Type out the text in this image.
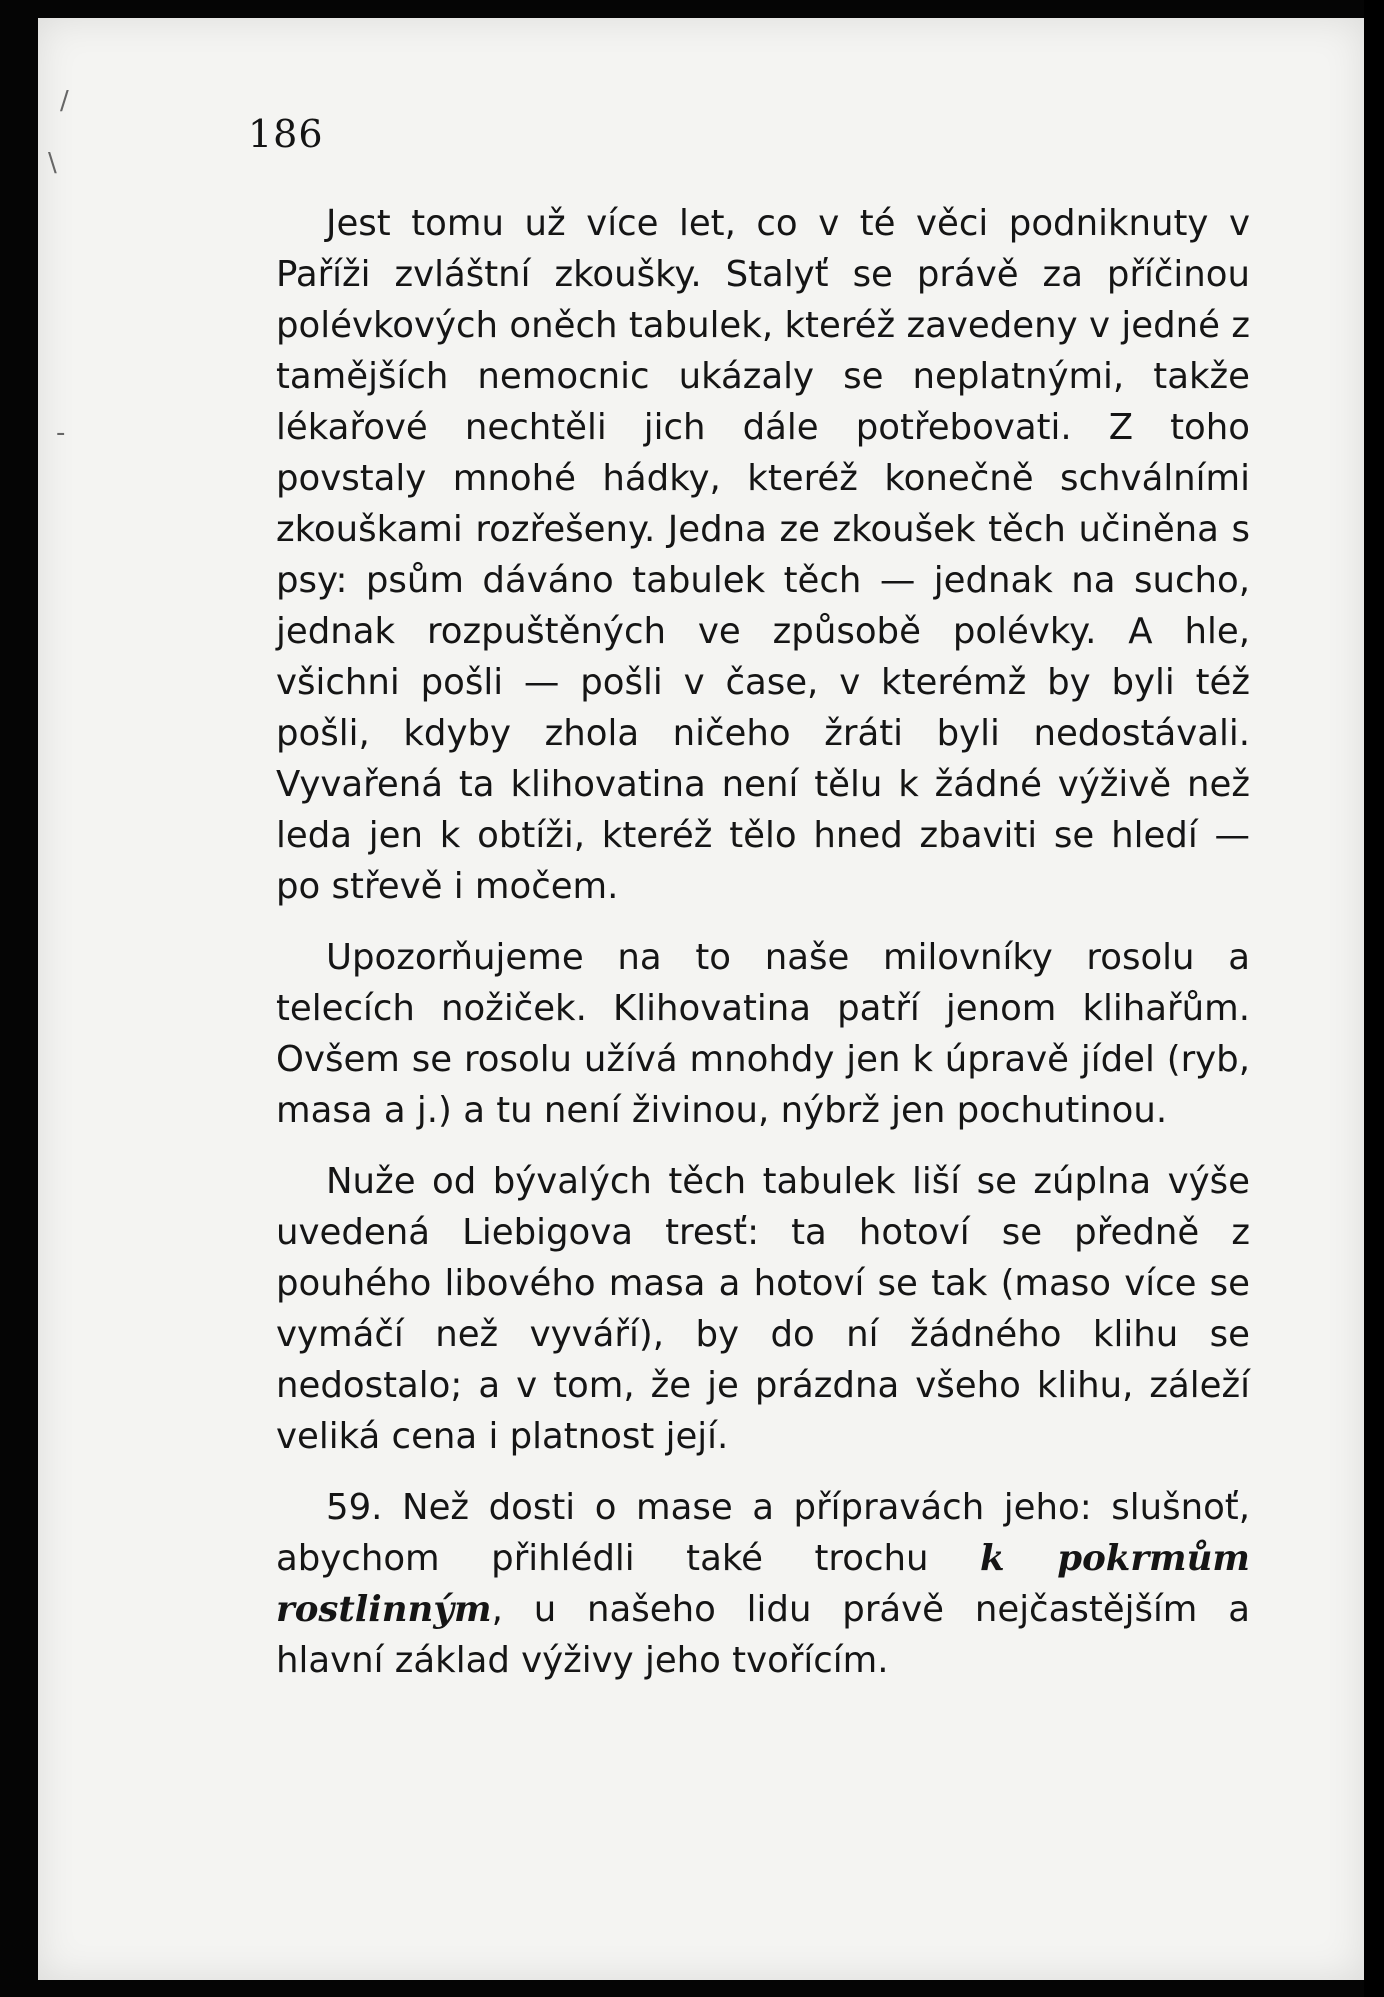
/
\
-
186

Jest tomu už více let, co v té věci podniknuty v Paříži zvláštní zkoušky. Stalyť se právě za příčinou polévkových oněch tabulek, kteréž zavedeny v jedné z tamějších nemocnic ukázaly se neplatnými, takže lékařové nechtěli jich dále potřebovati. Z toho povstaly mnohé hádky, kteréž konečně schválními zkouškami rozřešeny. Jedna ze zkoušek těch učiněna s psy: psům dáváno tabulek těch — jednak na sucho, jednak rozpuštěných ve způsobě polévky. A hle, všichni pošli — pošli v čase, v kterémž by byli též pošli, kdyby zhola ničeho žráti byli nedostávali. Vyvařená ta klihovatina není tělu k žádné výživě než leda jen k obtíži, kteréž tělo hned zbaviti se hledí — po střevě i močem.

Upozorňujeme na to naše milovníky rosolu a telecích nožiček. Klihovatina patří jenom klihařům. Ovšem se rosolu užívá mnohdy jen k úpravě jídel (ryb, masa a j.) a tu není živinou, nýbrž jen pochutinou.

Nuže od bývalých těch tabulek liší se zúplna výše uvedená Liebigova tresť: ta hotoví se předně z pouhého libového masa a hotoví se tak (maso více se vymáčí než vyváří), by do ní žádného klihu se nedostalo; a v tom, že je prázdna všeho klihu, záleží veliká cena i platnost její.

59. Než dosti o mase a přípravách jeho: slušnoť, abychom přihlédli také trochu k pokrmům rostlinným, u našeho lidu právě nejčastějším a hlavní základ výživy jeho tvořícím.
